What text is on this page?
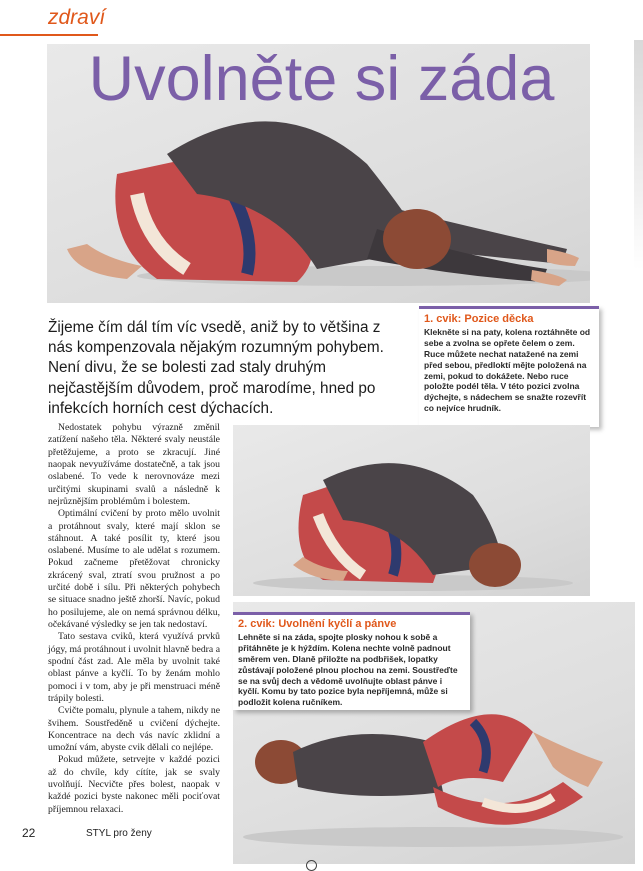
zdraví
Uvolněte si záda
Žijeme čím dál tím víc vsedě, aniž by to většina z nás kompenzovala nějakým rozumným pohybem. Není divu, že se bolesti zad staly druhým nejčastějším důvodem, proč marodíme, hned po infekcích horních cest dýchacích.
1. cvik: Pozice děcka
Klekněte si na paty, kolena roztáhněte od sebe a zvolna se opřete čelem o zem. Ruce můžete nechat natažené na zemi před sebou, předloktí mějte položená na zemi, pokud to dokážete. Nebo ruce položte podél těla. V této pozici zvolna dýchejte, s nádechem se snažte rozevřít co nejvíce hrudník.

Nedostatek pohybu výrazně změnil zatížení našeho těla. Některé svaly neustále přetěžujeme, a proto se zkracují. Jiné naopak nevyužíváme dostatečně, a tak jsou oslabené. To vede k nerovnováze mezi určitými skupinami svalů a následně k nejrůznějším problémům i bolestem.

Optimální cvičení by proto mělo uvolnit a protáhnout svaly, které mají sklon se stáhnout. A také posílit ty, které jsou oslabené. Musíme to ale udělat s rozumem. Pokud začneme přetěžovat chronicky zkrácený sval, ztratí svou pružnost a po určité době i sílu. Při některých pohybech se situace snadno ještě zhorší. Navíc, pokud ho posilujeme, ale on nemá správnou délku, očekávané výsledky se jen tak nedostaví.

Tato sestava cviků, která využívá prvků jógy, má protáhnout i uvolnit hlavně bedra a spodní část zad. Ale měla by uvolnit také oblast pánve a kyčlí. To by ženám mohlo pomoci i v tom, aby je při menstruaci méně trápily bolesti.

Cvičte pomalu, plynule a tahem, nikdy ne švihem. Soustředěně u cvičení dýchejte. Koncentrace na dech vás navíc zklidní a umožní vám, abyste cvik dělali co nejlépe.

Pokud můžete, setrvejte v každé pozici až do chvíle, kdy cítíte, jak se svaly uvolňují. Necvičte přes bolest, naopak v každé pozici byste nakonec měli pociťovat příjemnou relaxaci.

2. cvik: Uvolnění kyčlí a pánve
Lehněte si na záda, spojte plosky nohou k sobě a přitáhněte je k hýždím. Kolena nechte volně padnout směrem ven. Dlaně přiložte na podbřišek, lopatky zůstávají položené plnou plochou na zemi. Soustřeďte se na svůj dech a vědomě uvolňujte oblast pánve i kyčlí. Komu by tato pozice byla nepříjemná, může si podložit kolena ručníkem.
22	STYL pro ženy
